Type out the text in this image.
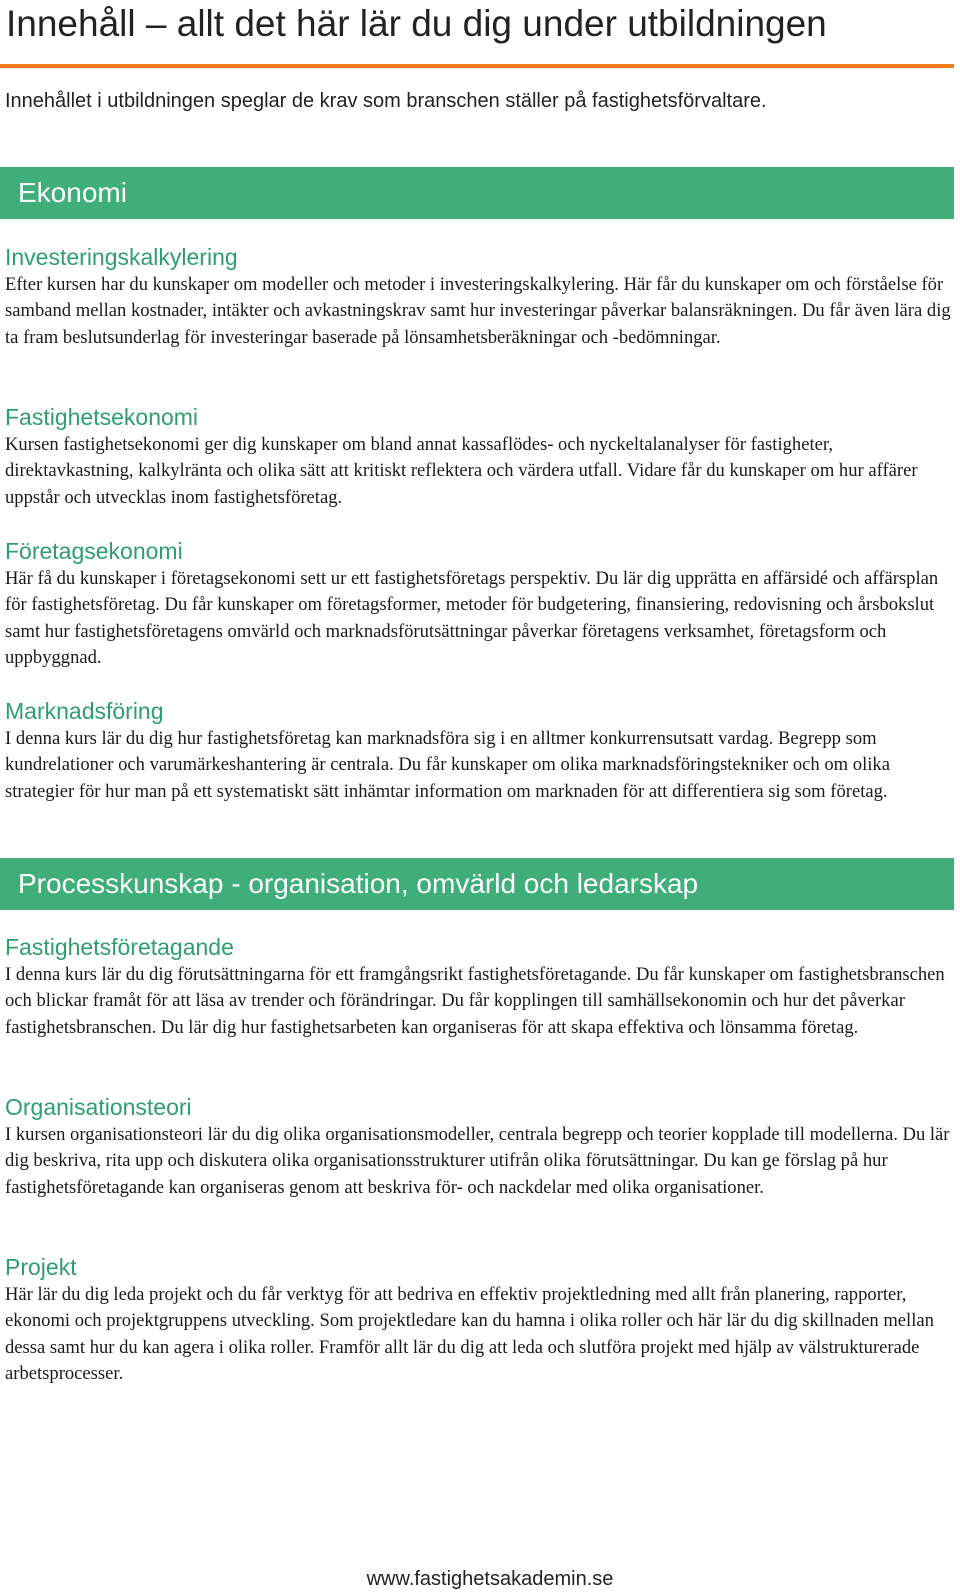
Innehåll – allt det här lär du dig under utbildningen

Innehållet i utbildningen speglar de krav som branschen ställer på fastighetsförvaltare.

Ekonomi
Investeringskalkylering

Efter kursen har du kunskaper om modeller och metoder i investeringskalkylering. Här får du kunskaper om och förståelse för samband mellan kostnader, intäkter och avkastningskrav samt hur investeringar påverkar balansräkningen. Du får även lära dig ta fram beslutsunderlag för investeringar baserade på lönsamhetsberäkningar och -bedömningar.

Fastighetsekonomi

Kursen fastighetsekonomi ger dig kunskaper om bland annat kassaflödes- och nyckeltalanalyser för fastigheter, direktavkastning, kalkylränta och olika sätt att kritiskt reflektera och värdera utfall. Vidare får du kunskaper om hur affärer uppstår och utvecklas inom fastighetsföretag.

Företagsekonomi

Här få du kunskaper i företagsekonomi sett ur ett fastighetsföretags perspektiv. Du lär dig upprätta en affärsidé och affärsplan för fastighetsföretag. Du får kunskaper om företagsformer, metoder för budgetering, finansiering, redovisning och årsbokslut samt hur fastighetsföretagens omvärld och marknadsförutsättningar påverkar företagens verksamhet, företagsform och uppbyggnad.

Marknadsföring

I denna kurs lär du dig hur fastighetsföretag kan marknadsföra sig i en alltmer konkurrensutsatt vardag. Begrepp som kundrelationer och varumärkeshantering är centrala. Du får kunskaper om olika marknadsföringstekniker och om olika strategier för hur man på ett systematiskt sätt inhämtar information om marknaden för att differentiera sig som företag.

Processkunskap - organisation, omvärld och ledarskap
Fastighetsföretagande

I denna kurs lär du dig förutsättningarna för ett framgångsrikt fastighetsföretagande. Du får kunskaper om fastighetsbranschen och blickar framåt för att läsa av trender och förändringar. Du får kopplingen till samhällsekonomin och hur det påverkar fastighetsbranschen. Du lär dig hur fastighetsarbeten kan organiseras för att skapa effektiva och lönsamma företag.

Organisationsteori

I kursen organisationsteori lär du dig olika organisationsmodeller, centrala begrepp och teorier kopplade till modellerna. Du lär dig beskriva, rita upp och diskutera olika organisationsstrukturer utifrån olika förutsättningar. Du kan ge förslag på hur fastighetsföretagande kan organiseras genom att beskriva för- och nackdelar med olika organisationer.

Projekt

Här lär du dig leda projekt och du får verktyg för att bedriva en effektiv projektledning med allt från planering, rapporter, ekonomi och projektgruppens utveckling. Som projektledare kan du hamna i olika roller och här lär du dig skillnaden mellan dessa samt hur du kan agera i olika roller. Framför allt lär du dig att leda och slutföra projekt med hjälp av välstrukturerade arbetsprocesser.

www.fastighetsakademin.se
